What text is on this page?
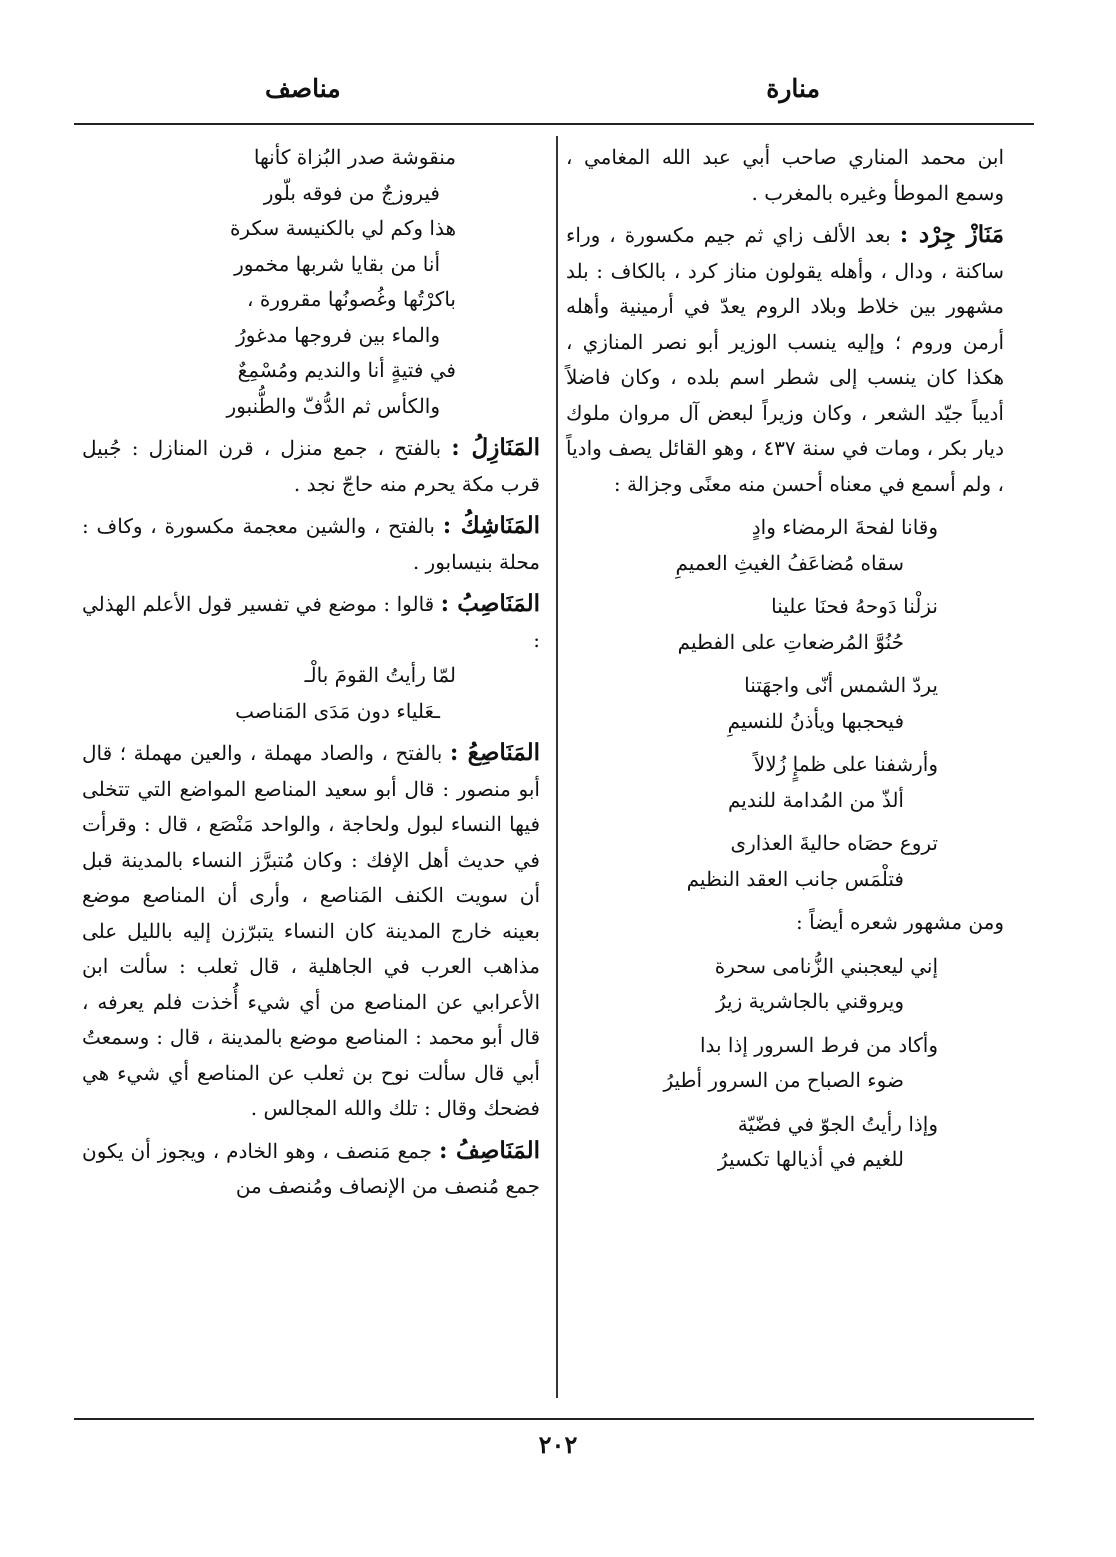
منارة
مناصف

ابن محمد المناري صاحب أبي عبد الله المغامي ، وسمع الموطأ وغيره بالمغرب .

مَنَازْ جِرْد : بعد الألف زاي ثم جيم مكسورة ، وراء ساكنة ، ودال ، وأهله يقولون مناز كرد ، بالكاف : بلد مشهور بين خلاط وبلاد الروم يعدّ في أرمينية وأهله أرمن وروم ؛ وإليه ينسب الوزير أبو نصر المنازي ، هكذا كان ينسب إلى شطر اسم بلده ، وكان فاضلاً أديباً جيّد الشعر ، وكان وزيراً لبعض آل مروان ملوك ديار بكر ، ومات في سنة ٤٣٧ ، وهو القائل يصف وادياً ، ولم أسمع في معناه أحسن منه معنًى وجزالة :

وقانا لفحةَ الرمضاء وادٍ
سقاه مُضاعَفُ الغيثِ العميمِ
نزلْنا دَوحهُ فحنَا علينا
حُنُوَّ المُرضعاتِ على الفطيم
يردّ الشمس أنّى واجهَتنا
فيحجبها ويأذنُ للنسيمِ
وأرشفنا على ظمإٍ زُلالاً
ألذّ من المُدامة للنديم
تروع حصَاه حاليةَ العذارى
فتلْمَس جانب العقد النظيم

ومن مشهور شعره أيضاً :

إني ليعجبني الزُّنامى سحرة
ويروقني بالجاشرية زيرُ
وأكاد من فرط السرور إذا بدا
ضوء الصباح من السرور أطيرُ
وإذا رأيتُ الجوّ في فضّيّة
للغيم في أذيالها تكسيرُ
منقوشة صدر البُزاة كأنها
فيروزجٌ من فوقه بلّور
هذا وكم لي بالكنيسة سكرة
أنا من بقايا شربها مخمور
باكرْتُها وغُصونُها مقرورة ،
والماء بين فروجها مدغورُ
في فتيةٍ أنا والنديم ومُسْمِعٌ
والكأس ثم الدُّفّ والطُّنبور

المَنَازِلُ : بالفتح ، جمع منزل ، قرن المنازل : جُبيل قرب مكة يحرم منه حاجّ نجد .

المَنَاشِكُ : بالفتح ، والشين معجمة مكسورة ، وكاف : محلة بنيسابور .

المَنَاصِبُ : قالوا : موضع في تفسير قول الأعلم الهذلي :

لمّا رأيتُ القومَ بالْـ
ـعَلياء دون مَدَى المَناصب

المَنَاصِعُ : بالفتح ، والصاد مهملة ، والعين مهملة ؛ قال أبو منصور : قال أبو سعيد المناصع المواضع التي تتخلى فيها النساء لبول ولحاجة ، والواحد مَنْصَع ، قال : وقرأت في حديث أهل الإفك : وكان مُتبرَّز النساء بالمدينة قبل أن سويت الكنف المَناصع ، وأرى أن المناصع موضع بعينه خارج المدينة كان النساء يتبرّزن إليه بالليل على مذاهب العرب في الجاهلية ، قال ثعلب : سألت ابن الأعرابي عن المناصع من أي شيء أُخذت فلم يعرفه ، قال أبو محمد : المناصع موضع بالمدينة ، قال : وسمعتُ أبي قال سألت نوح بن ثعلب عن المناصع أي شيء هي فضحك وقال : تلك والله المجالس .

المَنَاصِفُ : جمع مَنصف ، وهو الخادم ، ويجوز أن يكون جمع مُنصف من الإنصاف ومُنصف من

٢٠٢
